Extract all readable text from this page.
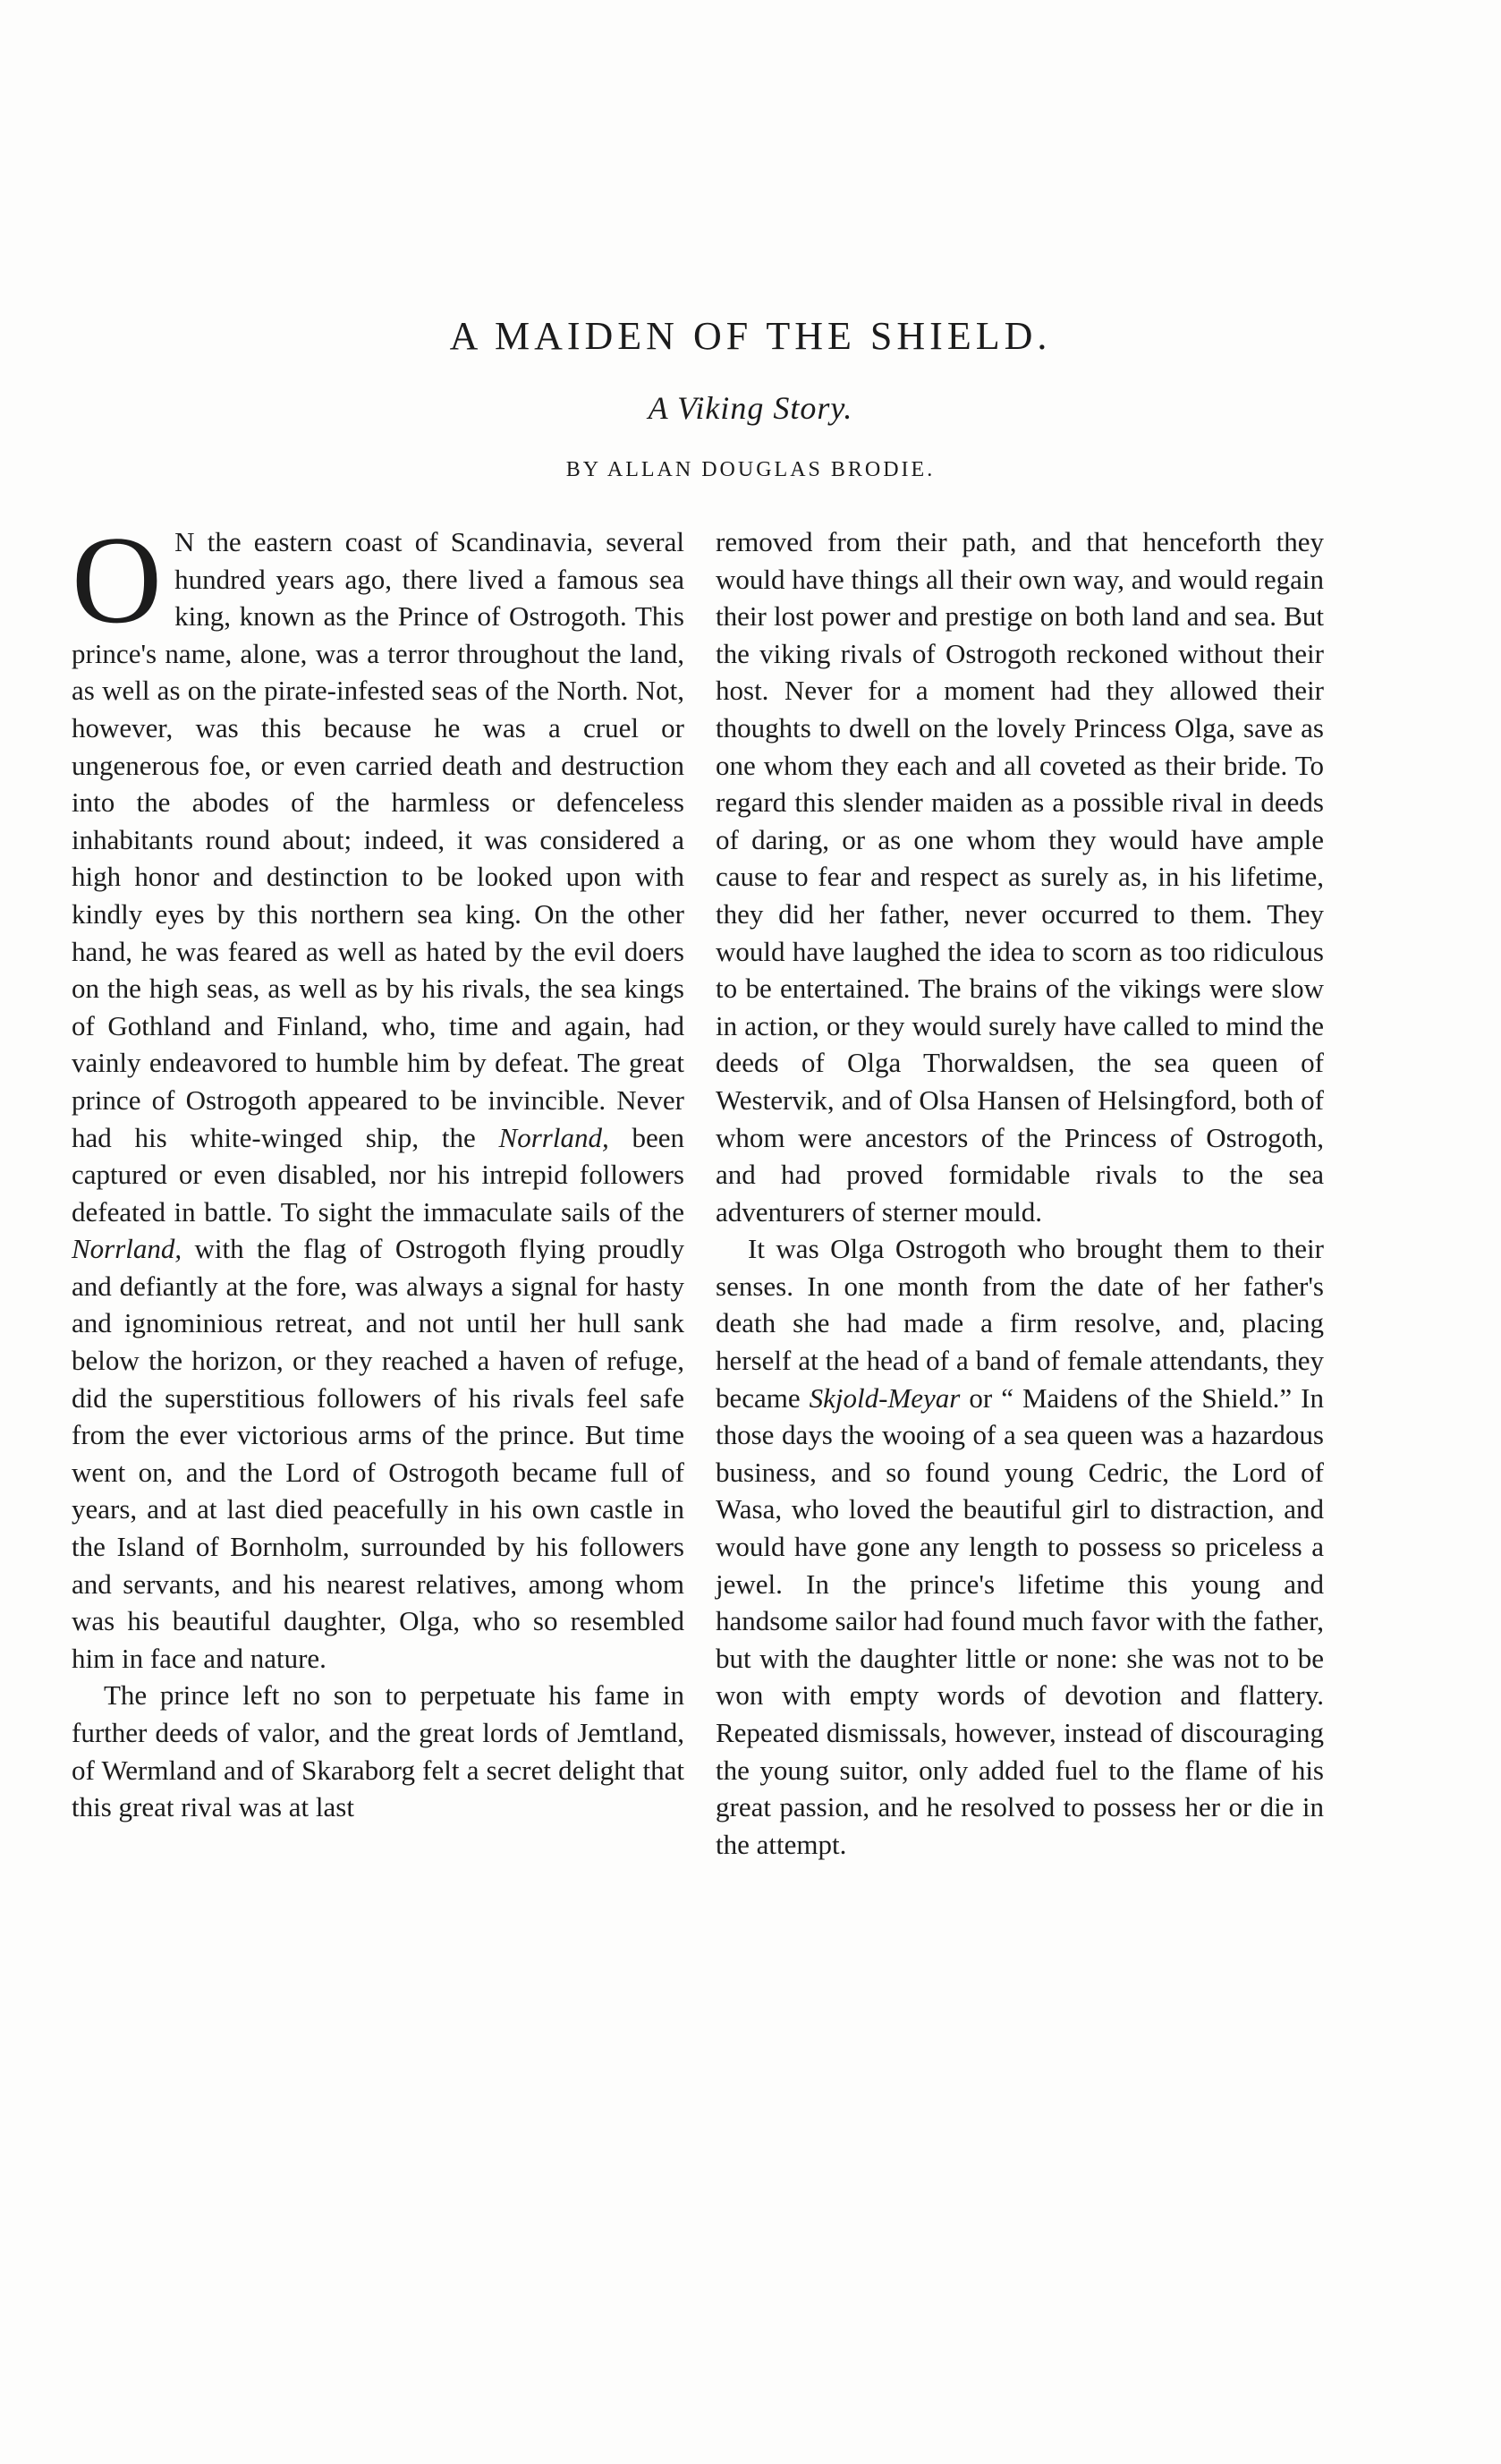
A MAIDEN OF THE SHIELD.
A Viking Story.
BY ALLAN DOUGLAS BRODIE.

O N the eastern coast of Scandinavia, several hundred years ago, there lived a famous sea king, known as the Prince of Ostrogoth. This prince's name, alone, was a terror throughout the land, as well as on the pirate-infested seas of the North. Not, however, was this because he was a cruel or ungenerous foe, or even carried death and destruction into the abodes of the harmless or defenceless inhabitants round about; indeed, it was considered a high honor and destinction to be looked upon with kindly eyes by this northern sea king. On the other hand, he was feared as well as hated by the evil doers on the high seas, as well as by his rivals, the sea kings of Gothland and Finland, who, time and again, had vainly endeavored to humble him by defeat. The great prince of Ostrogoth appeared to be invincible. Never had his white-winged ship, the Norrland, been captured or even disabled, nor his intrepid followers defeated in battle. To sight the immaculate sails of the Norrland, with the flag of Ostrogoth flying proudly and defiantly at the fore, was always a signal for hasty and ignominious retreat, and not until her hull sank below the horizon, or they reached a haven of refuge, did the superstitious followers of his rivals feel safe from the ever victorious arms of the prince. But time went on, and the Lord of Ostrogoth became full of years, and at last died peacefully in his own castle in the Island of Bornholm, surrounded by his followers and servants, and his nearest relatives, among whom was his beautiful daughter, Olga, who so resembled him in face and nature.

The prince left no son to perpetuate his fame in further deeds of valor, and the great lords of Jemtland, of Wermland and of Skaraborg felt a secret delight that this great rival was at last

removed from their path, and that henceforth they would have things all their own way, and would regain their lost power and prestige on both land and sea. But the viking rivals of Ostrogoth reckoned without their host. Never for a moment had they allowed their thoughts to dwell on the lovely Princess Olga, save as one whom they each and all coveted as their bride. To regard this slender maiden as a possible rival in deeds of daring, or as one whom they would have ample cause to fear and respect as surely as, in his lifetime, they did her father, never occurred to them. They would have laughed the idea to scorn as too ridiculous to be entertained. The brains of the vikings were slow in action, or they would surely have called to mind the deeds of Olga Thorwaldsen, the sea queen of Westervik, and of Olsa Hansen of Helsingford, both of whom were ancestors of the Princess of Ostrogoth, and had proved formidable rivals to the sea adventurers of sterner mould.

It was Olga Ostrogoth who brought them to their senses. In one month from the date of her father's death she had made a firm resolve, and, placing herself at the head of a band of female attendants, they became Skjold-Meyar or “ Maidens of the Shield.” In those days the wooing of a sea queen was a hazardous business, and so found young Cedric, the Lord of Wasa, who loved the beautiful girl to distraction, and would have gone any length to possess so priceless a jewel. In the prince's lifetime this young and handsome sailor had found much favor with the father, but with the daughter little or none: she was not to be won with empty words of devotion and flattery. Repeated dismissals, however, instead of discouraging the young suitor, only added fuel to the flame of his great passion, and he resolved to possess her or die in the attempt.
